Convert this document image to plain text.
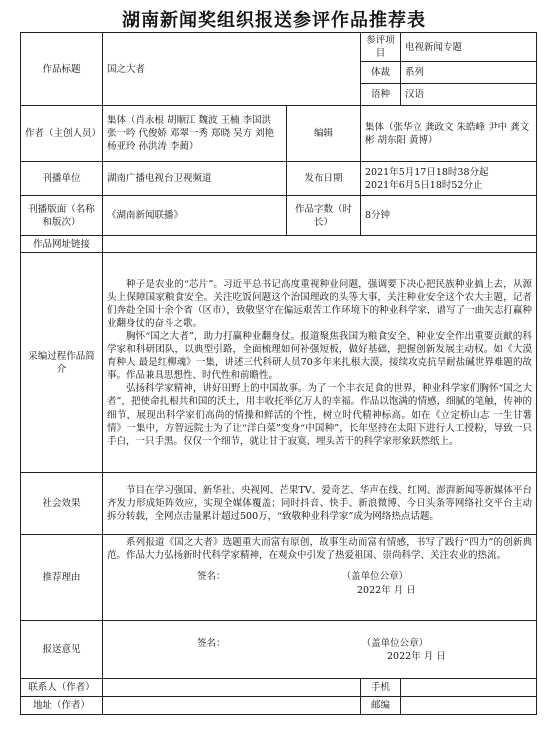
湖南新闻奖组织报送参评作品推荐表
作品标题	国之大者		参评项目	电视新闻专题
			体裁	系列
			语种	汉语
作者（主创人员）	集体（肖永根 胡顺江 魏波 王楠 李国洪 张一吟 代俊娇 邓翠一秀 郑晓 吴方 刘艳 杨亚玲 孙洪涛 李蔺）	编辑	集体（张华立 龚政文 朱皓峰 尹中 龚文彬 胡东阳 黄博）	
刊播单位	湖南广播电视台卫视频道	发布日期	2021年5月17日18时38分起
2021年6月5日18时52分止	

刊播版面（名称和版次）	《湖南新闻联播》	作品字数（时长）	8分钟	
作品网址链接				
采编过程作品简介	种子是农业的“芯片”。习近平总书记高度重视种业问题，强调要下决心把民族种业搞上去，从源头上保障国家粮食安全。关注吃饭问题这个治国理政的头等大事，关注种业安全这个农大主题，记者们奔赴全国十余个省（区市），致敬坚守在偏远艰苦工作环境下的种业科学家，谱写了一曲矢志打赢种业翻身仗的奋斗之歌。

胸怀“国之大者”，助力打赢种业翻身仗。报道聚焦我国为粮食安全、种业安全作出重要贡献的科学家和科研团队，以典型引路，全面梳理如何补强短板，做好基础，把握创新发展主动权。如《大漠育种人 最是红柳魂》一集，讲述三代科研人员70多年来扎根大漠，接续攻克抗旱耐盐碱世界难题的故事。作品兼具思想性、时代性和前瞻性。

弘扬科学家精神，讲好田野上的中国故事。为了一个丰衣足食的世界，种业科学家们胸怀“国之大者”，把使命扎根共和国的沃土，用丰收托举亿万人的幸福。作品以饱满的情感，细腻的笔触，传神的细节，展现出科学家们高尚的情操和鲜活的个性，树立时代精神标高。如在《立定桥山志 一生甘薯情》一集中，方智远院士为了让“洋白菜”变身“中国种”，长年坚持在太阳下进行人工授粉，导致一只手白，一只手黑。仅仅一个细节，就让甘于寂寞、埋头苦干的科学家形象跃然纸上。			

社会效果	节目在学习强国、新华社、央视网、芒果TV、爱奇艺、华声在线、红网、澎湃新闻等新媒体平台齐发力形成矩阵效应，实现全媒体覆盖；同时抖音、快手、新浪微博、今日头条等网络社交平台主动拆分转载，全网点击量累计超过500万，“致敬种业科学家”成为网络热点话题。			

推荐理由	系列报道《国之大者》选题重大而富有原创，故事生动而富有情感，书写了践行“四力”的创新典范。作品大力弘扬新时代科学家精神，在观众中引发了热爱祖国、崇尚科学、关注农业的热流。

签名： （盖单位公章）
2022年 月 日			

报送意见	签名： （盖单位公章）
2022年 月 日			

联系人（作者）			手机	
地址（作者）			邮编	
